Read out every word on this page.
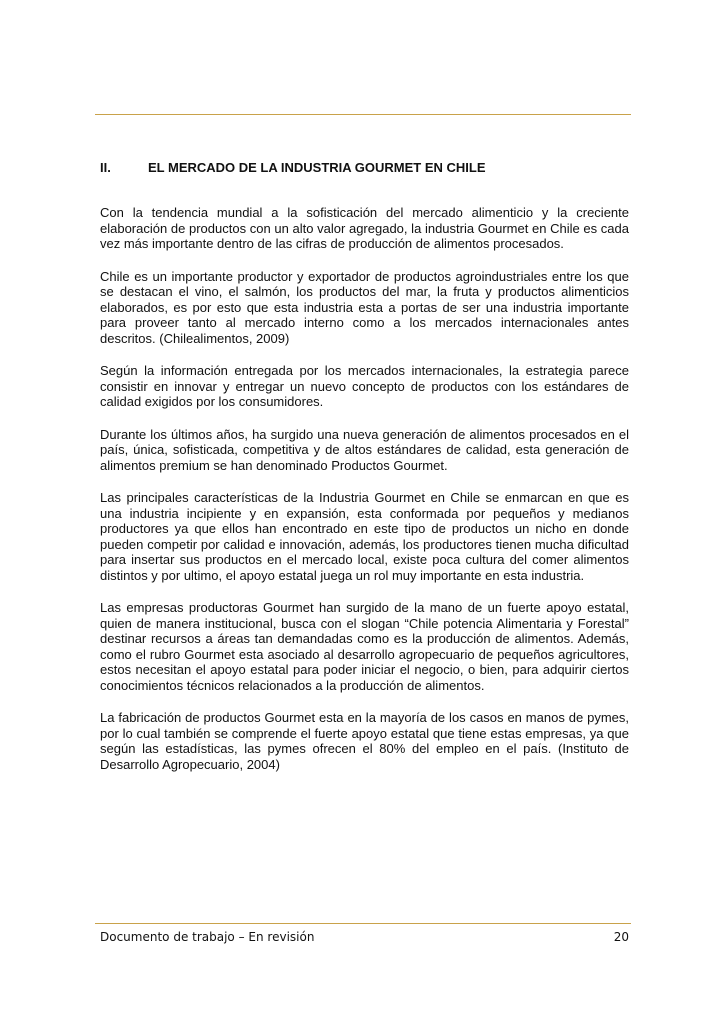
II.	EL MERCADO DE LA INDUSTRIA GOURMET EN CHILE

Con la tendencia mundial a la sofisticación del mercado alimenticio y la creciente elaboración de productos con un alto valor agregado, la industria Gourmet en Chile es cada vez más importante dentro de las cifras de producción de alimentos procesados.

Chile es un importante productor y exportador de productos agroindustriales entre los que se destacan el vino, el salmón, los productos del mar, la fruta y productos alimenticios elaborados, es por esto que esta industria esta a portas de ser una industria importante para proveer tanto al mercado interno como a los mercados internacionales antes descritos. (Chilealimentos, 2009)

Según la información entregada por los mercados internacionales, la estrategia parece consistir en innovar y entregar un nuevo concepto de productos con los estándares de calidad exigidos por los consumidores.

Durante los últimos años, ha surgido una nueva generación de alimentos procesados en el país, única, sofisticada, competitiva y de altos estándares de calidad, esta generación de alimentos premium se han denominado Productos Gourmet.

Las principales características de la Industria Gourmet en Chile se enmarcan en que es una industria incipiente y en expansión, esta conformada por pequeños y medianos productores ya que ellos han encontrado en este tipo de productos un nicho en donde pueden competir por calidad e innovación, además, los productores tienen mucha dificultad para insertar sus productos en el mercado local, existe poca cultura del comer alimentos distintos y por ultimo, el apoyo estatal juega un rol muy importante en esta industria.

Las empresas productoras Gourmet han surgido de la mano de un fuerte apoyo estatal, quien de manera institucional, busca con el slogan “Chile potencia Alimentaria y Forestal” destinar recursos a áreas tan demandadas como es la producción de alimentos. Además, como el rubro Gourmet esta asociado al desarrollo agropecuario de pequeños agricultores, estos necesitan el apoyo estatal para poder iniciar el negocio, o bien, para adquirir ciertos conocimientos técnicos relacionados a la producción de alimentos.

La fabricación de productos Gourmet esta en la mayoría de los casos en manos de pymes, por lo cual también se comprende el fuerte apoyo estatal que tiene estas empresas, ya que según las estadísticas, las pymes ofrecen el 80% del empleo en el país. (Instituto de Desarrollo Agropecuario, 2004)

Documento de trabajo – En revisión	20
